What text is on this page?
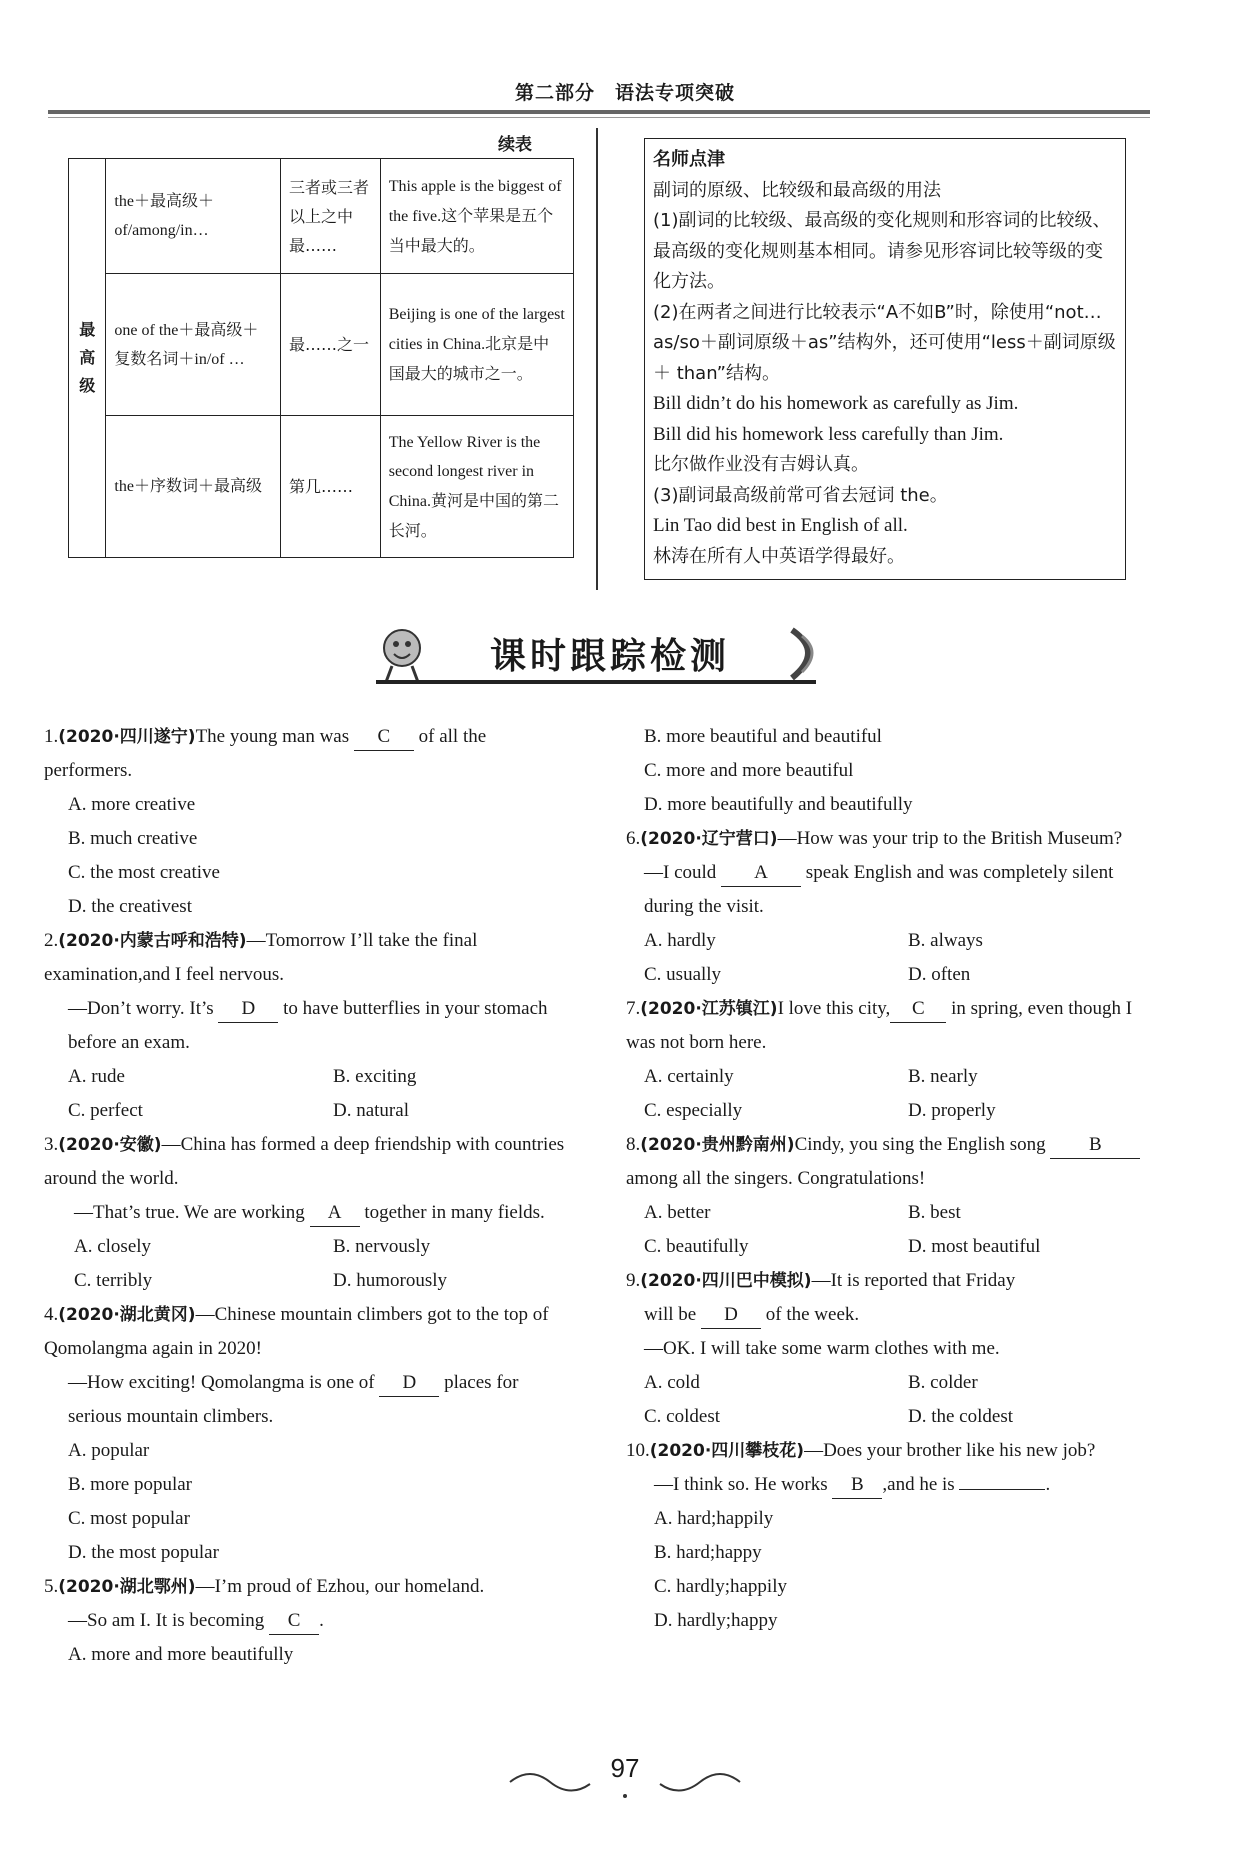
第二部分　语法专项突破
续表
最高级	the＋最高级＋of/among/in…	三者或三者以上之中最……	This apple is the biggest of the five.这个苹果是五个当中最大的。
	one of the＋最高级＋复数名词＋in/of …	最……之一	Beijing is one of the largest cities in China.北京是中国最大的城市之一。
	the＋序数词＋最高级	第几……	The Yellow River is the second longest river in China.黄河是中国的第二长河。
名师点津
副词的原级、比较级和最高级的用法
(1)副词的比较级、最高级的变化规则和形容词的比较级、最高级的变化规则基本相同。请参见形容词比较等级的变化方法。
(2)在两者之间进行比较表示“A不如B”时，除使用“not… as/so＋副词原级＋as”结构外，还可使用“less＋副词原级＋ than”结构。
Bill didn’t do his homework as carefully as Jim.
Bill did his homework less carefully than Jim.
比尔做作业没有吉姆认真。
(3)副词最高级前常可省去冠词 the。
Lin Tao did best in English of all.
林涛在所有人中英语学得最好。
课时跟踪检测

1.(2020·四川遂宁)The young man was C of all the performers.

A. more creative

B. much creative

C. the most creative

D. the creativest

2.(2020·内蒙古呼和浩特)—Tomorrow I’ll take the final examination,and I feel nervous.

—Don’t worry. It’s D to have butterflies in your stomach before an exam.

A. rude	B. exciting

C. perfect	D. natural

3.(2020·安徽)—China has formed a deep friendship with countries around the world.

—That’s true. We are working A together in many fields.

A. closely	B. nervously

C. terribly	D. humorously

4.(2020·湖北黄冈)—Chinese mountain climbers got to the top of Qomolangma again in 2020!

—How exciting! Qomolangma is one of D places for serious mountain climbers.

A. popular

B. more popular

C. most popular

D. the most popular

5.(2020·湖北鄂州)—I’m proud of Ezhou, our homeland.

—So am I. It is becoming C .

A. more and more beautifully

B. more beautiful and beautiful

C. more and more beautiful

D. more beautifully and beautifully

6.(2020·辽宁营口)—How was your trip to the British Museum?

—I could A speak English and was completely silent during the visit.

A. hardly	B. always

C. usually	D. often

7.(2020·江苏镇江)I love this city, C in spring, even though I was not born here.

A. certainly	B. nearly

C. especially	D. properly

8.(2020·贵州黔南州)Cindy, you sing the English song B among all the singers. Congratulations!

A. better	B. best

C. beautifully	D. most beautiful

9.(2020·四川巴中模拟)—It is reported that Friday

will be D of the week.

—OK. I will take some warm clothes with me.

A. cold	B. colder

C. coldest	D. the coldest

10.(2020·四川攀枝花)—Does your brother like his new job?

—I think so. He works B ,and he is	.

A. hard;happily

B. hard;happy

C. hardly;happily

D. hardly;happy

97
